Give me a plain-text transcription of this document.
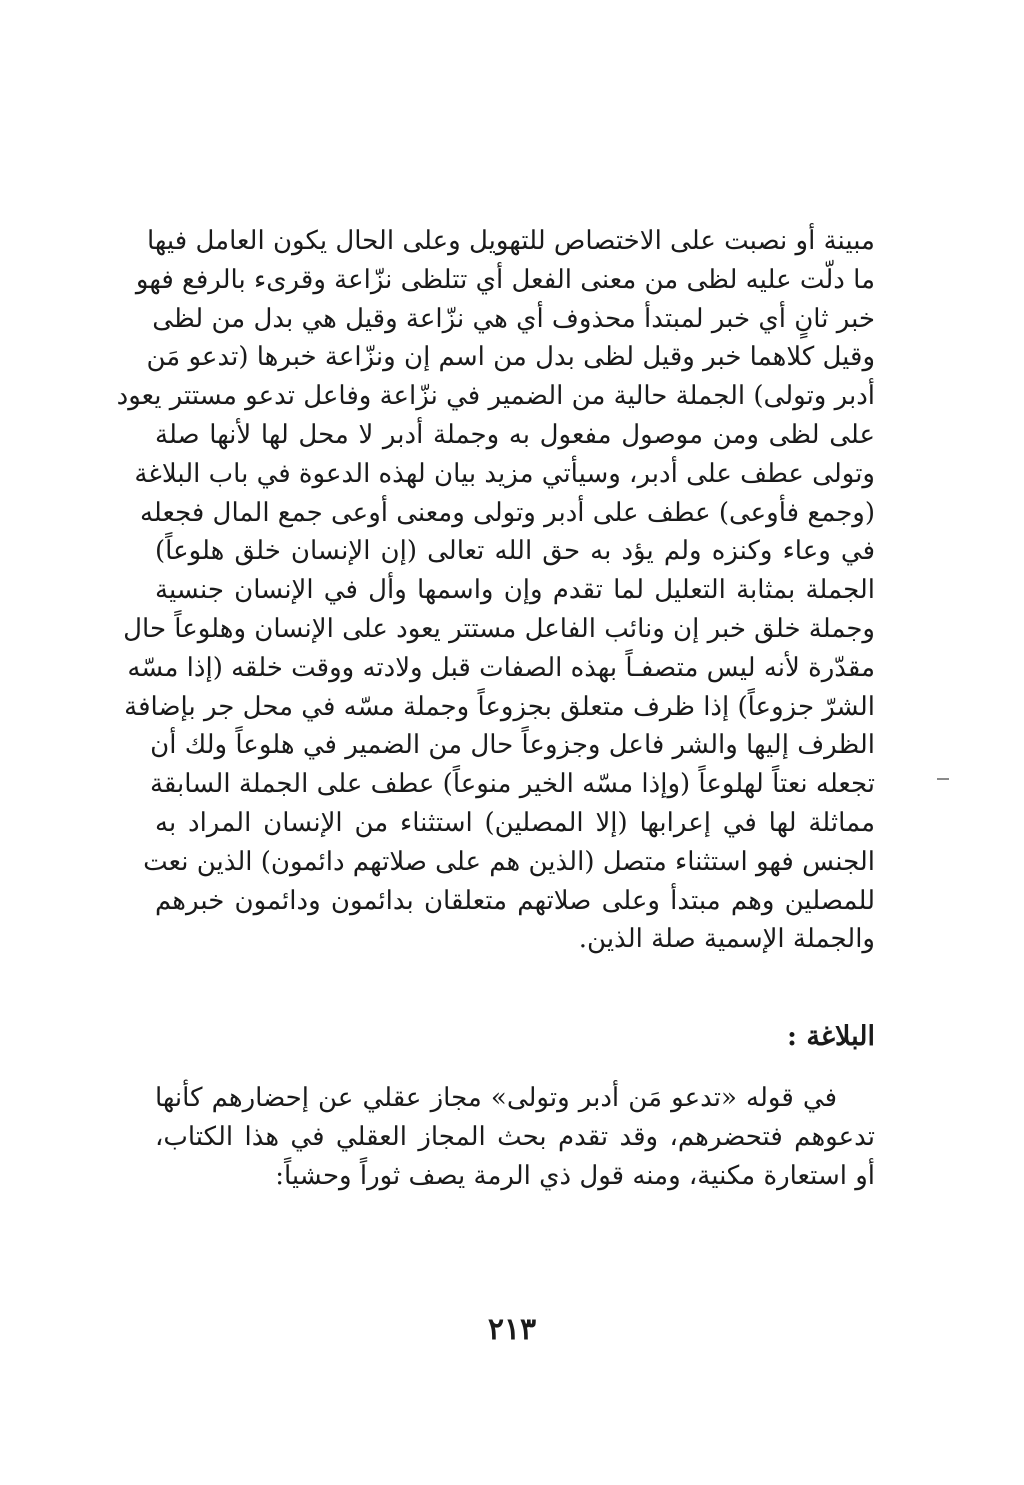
مبينة أو نصبت على الاختصاص للتهويل وعلى الحال يكون العامل فيها
ما دلّت عليه لظى من معنى الفعل أي تتلظى نزّاعة وقرىء بالرفع فهو
خبر ثانٍ أي خبر لمبتدأ محذوف أي هي نزّاعة وقيل هي بدل من لظى
وقيل كلاهما خبر وقيل لظى بدل من اسم إن ونزّاعة خبرها (تدعو مَن
أدبر وتولى) الجملة حالية من الضمير في نزّاعة وفاعل تدعو مستتر يعود
على لظى ومن موصول مفعول به وجملة أدبر لا محل لها لأنها صلة
وتولى عطف على أدبر، وسيأتي مزيد بيان لهذه الدعوة في باب البلاغة
(وجمع فأوعى) عطف على أدبر وتولى ومعنى أوعى جمع المال فجعله
في وعاء وكنزه ولم يؤد به حق الله تعالى (إن الإنسان خلق هلوعاً)
الجملة بمثابة التعليل لما تقدم وإن واسمها وأل في الإنسان جنسية
وجملة خلق خبر إن ونائب الفاعل مستتر يعود على الإنسان وهلوعاً حال
مقدّرة لأنه ليس متصفـاً بهذه الصفات قبل ولادته ووقت خلقه (إذا مسّه
الشرّ جزوعاً) إذا ظرف متعلق بجزوعاً وجملة مسّه في محل جر بإضافة
الظرف إليها والشر فاعل وجزوعاً حال من الضمير في هلوعاً ولك أن
تجعله نعتاً لهلوعاً (وإذا مسّه الخير منوعاً) عطف على الجملة السابقة
مماثلة لها في إعرابها (إلا المصلين) استثناء من الإنسان المراد به
الجنس فهو استثناء متصل (الذين هم على صلاتهم دائمون) الذين نعت
للمصلين وهم مبتدأ وعلى صلاتهم متعلقان بدائمون ودائمون خبرهم
والجملة الإسمية صلة الذين.
البلاغة :
في قوله «تدعو مَن أدبر وتولى» مجاز عقلي عن إحضارهم كأنها
تدعوهم فتحضرهم، وقد تقدم بحث المجاز العقلي في هذا الكتاب،
أو استعارة مكنية، ومنه قول ذي الرمة يصف ثوراً وحشياً:
٢١٣
